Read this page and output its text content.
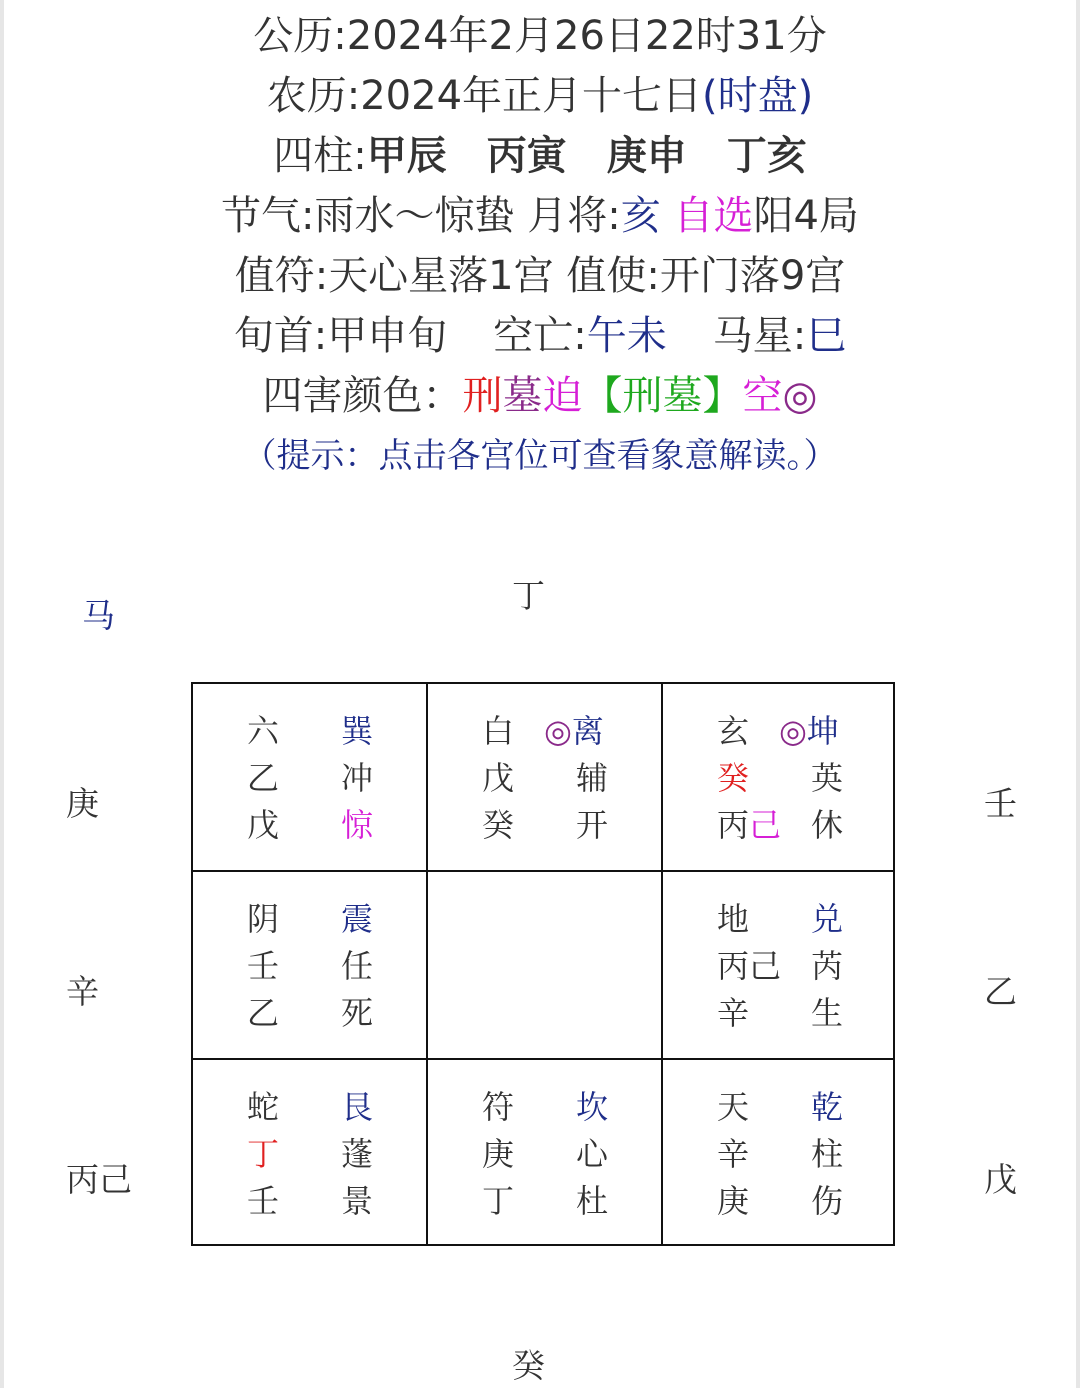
公历:2024年2月26日22时31分
农历:2024年正月十七日(时盘)
四柱:甲辰 丙寅 庚申 丁亥
节气:雨水～惊蛰 月将:亥 自选阳4局
值符:天心星落1宫 值使:开门落9宫
旬首:甲申旬 空亡:午未 马星:巳
四害颜色：刑墓迫【刑墓】空◎
（提示：点击各宫位可查看象意解读。）
马
丁
癸
庚
辛
丙己
壬
乙
戊
六
乙
戊
巽
冲
惊
白
戊
癸
◎离
辅
开
玄
癸
丙己
◎坤
英
休
阴
壬
乙
震
任
死
地
丙己
辛
兑
芮
生
蛇
丁
壬
艮
蓬
景
符
庚
丁
坎
心
杜
天
辛
庚
乾
柱
伤
